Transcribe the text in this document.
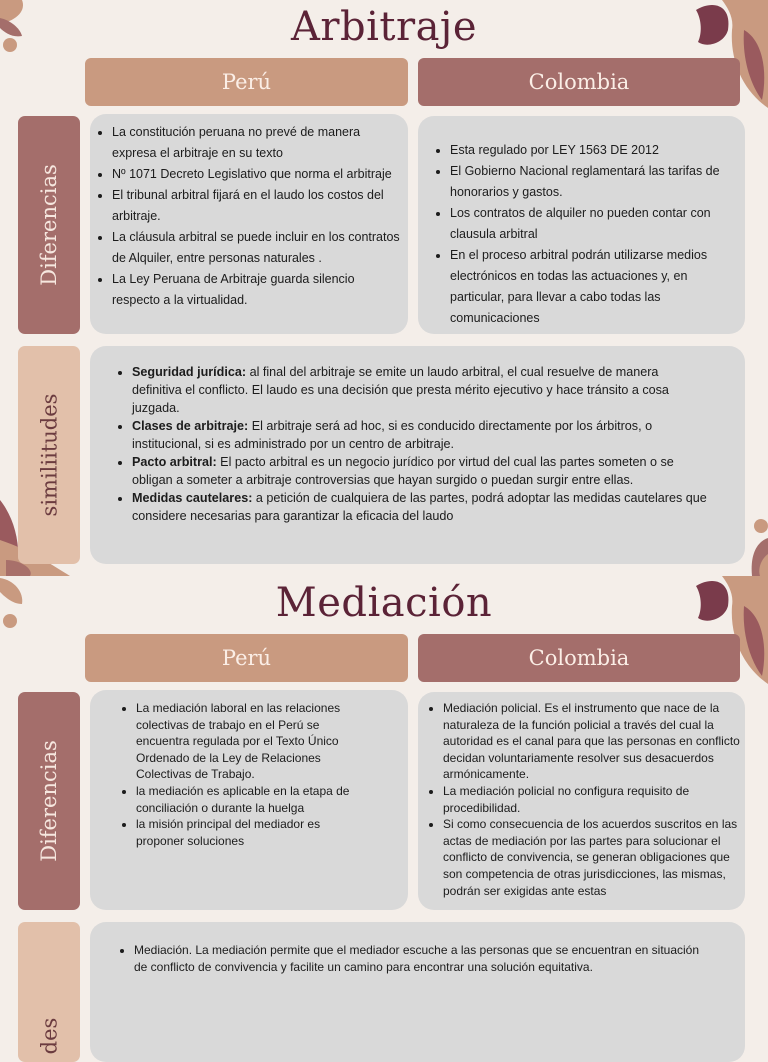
Arbitraje
Perú	Colombia
Diferencias
• La constitución peruana no prevé de manera expresa el arbitraje en su texto
• Nº 1071 Decreto Legislativo que norma el arbitraje
• El tribunal arbitral fijará en el laudo los costos del arbitraje.
• La cláusula arbitral se puede incluir en los contratos de Alquiler, entre personas naturales .
• La Ley Peruana de Arbitraje guarda silencio respecto a la virtualidad.
• Esta regulado por LEY 1563 DE 2012
• El Gobierno Nacional reglamentará las tarifas de honorarios y gastos.
• Los contratos de alquiler no pueden contar con clausula arbitral
• En el proceso arbitral podrán utilizarse medios electrónicos en todas las actuaciones y, en particular, para llevar a cabo todas las comunicaciones
similiitudes
• Seguridad jurídica: al final del arbitraje se emite un laudo arbitral, el cual resuelve de manera definitiva el conflicto. El laudo es una decisión que presta mérito ejecutivo y hace tránsito a cosa juzgada.
• Clases de arbitraje: El arbitraje será ad hoc, si es conducido directamente por los árbitros, o institucional, si es administrado por un centro de arbitraje.
• Pacto arbitral: El pacto arbitral es un negocio jurídico por virtud del cual las partes someten o se obligan a someter a arbitraje controversias que hayan surgido o puedan surgir entre ellas.
• Medidas cautelares: a petición de cualquiera de las partes, podrá adoptar las medidas cautelares que considere necesarias para garantizar la eficacia del laudo
Mediación
Perú	Colombia
Diferencias
• La mediación laboral en las relaciones colectivas de trabajo en el Perú se encuentra regulada por el Texto Único Ordenado de la Ley de Relaciones Colectivas de Trabajo.
• la mediación es aplicable en la etapa de conciliación o durante la huelga
• la misión principal del mediador es proponer soluciones
• Mediación policial. Es el instrumento que nace de la naturaleza de la función policial a través del cual la autoridad es el canal para que las personas en conflicto decidan voluntariamente resolver sus desacuerdos armónicamente.
• La mediación policial no configura requisito de procedibilidad.
• Si como consecuencia de los acuerdos suscritos en las actas de mediación por las partes para solucionar el conflicto de convivencia, se generan obligaciones que son competencia de otras jurisdicciones, las mismas, podrán ser exigidas ante estas
des
• Mediación. La mediación permite que el mediador escuche a las personas que se encuentran en situación de conflicto de convivencia y facilite un camino para encontrar una solución equitativa.
